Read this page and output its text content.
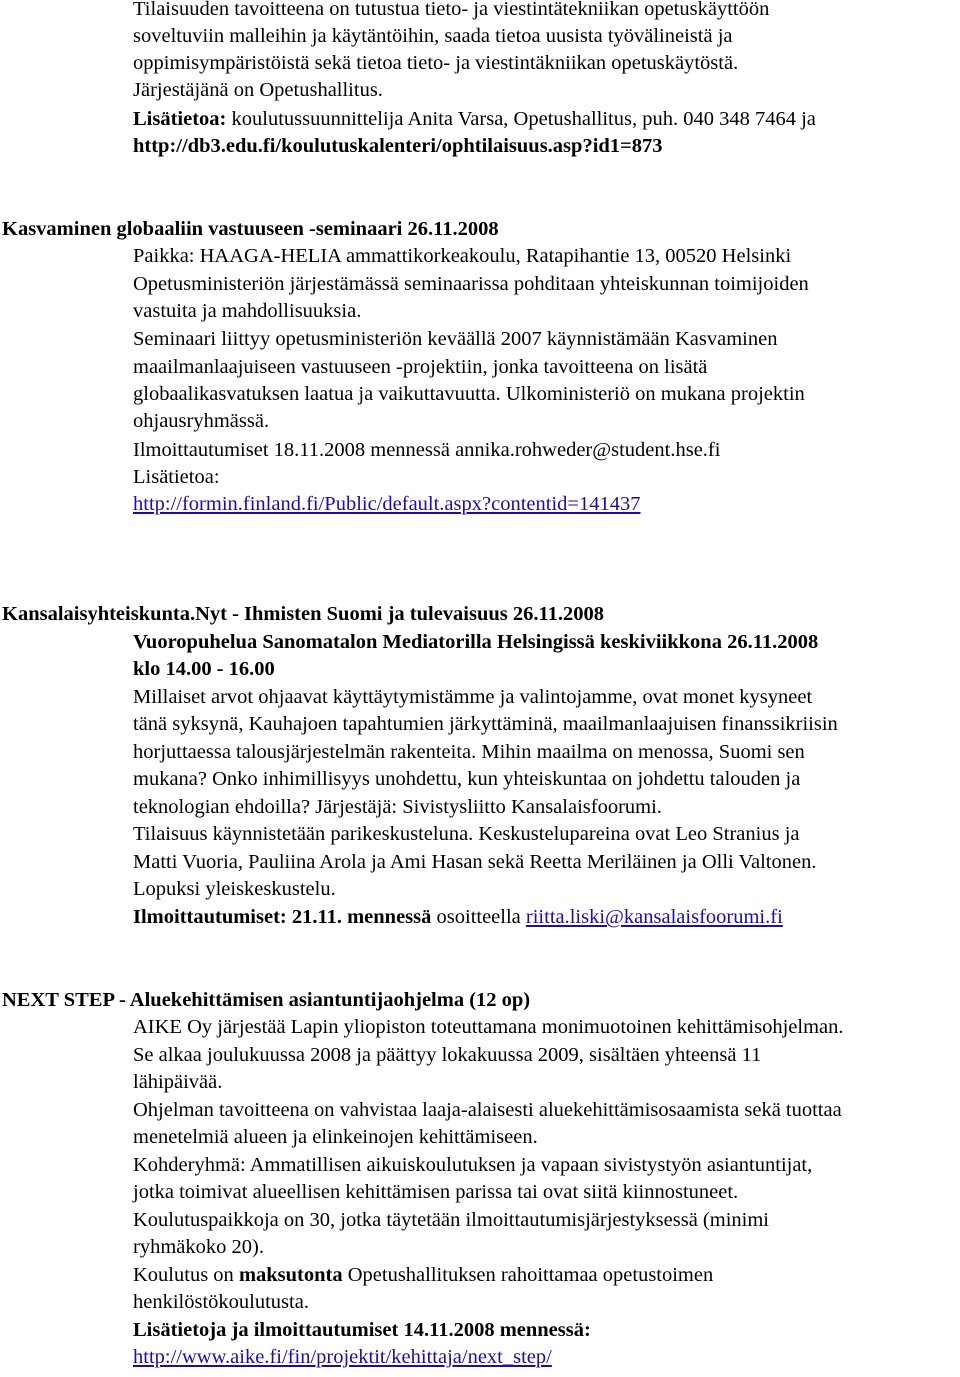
Tilaisuuden tavoitteena on tutustua tieto- ja viestintätekniikan opetuskäyttöön
soveltuviin malleihin ja käytäntöihin, saada tietoa uusista työvälineistä ja
oppimisympäristöistä sekä tietoa tieto- ja viestintäkniikan opetuskäytöstä.
Järjestäjänä on Opetushallitus.
Lisätietoa: koulutussuunnittelija Anita Varsa, Opetushallitus, puh. 040 348 7464 ja
http://db3.edu.fi/koulutuskalenteri/ophtilaisuus.asp?id1=873
Kasvaminen globaaliin vastuuseen -seminaari 26.11.2008
Paikka: HAAGA-HELIA ammattikorkeakoulu, Ratapihantie 13, 00520 Helsinki
Opetusministeriön järjestämässä seminaarissa pohditaan yhteiskunnan toimijoiden
vastuita ja mahdollisuuksia.
Seminaari liittyy opetusministeriön keväällä 2007 käynnistämään Kasvaminen
maailmanlaajuiseen vastuuseen -projektiin, jonka tavoitteena on lisätä
globaalikasvatuksen laatua ja vaikuttavuutta. Ulkoministeriö on mukana projektin
ohjausryhmässä.
Ilmoittautumiset 18.11.2008 mennessä annika.rohweder@student.hse.fi
Lisätietoa:
http://formin.finland.fi/Public/default.aspx?contentid=141437
Kansalaisyhteiskunta.Nyt - Ihmisten Suomi ja tulevaisuus 26.11.2008
Vuoropuhelua Sanomatalon Mediatorilla Helsingissä keskiviikkona 26.11.2008
klo 14.00 - 16.00
Millaiset arvot ohjaavat käyttäytymistämme ja valintojamme, ovat monet kysyneet
tänä syksynä, Kauhajoen tapahtumien järkyttäminä, maailmanlaajuisen finanssikriisin
horjuttaessa talousjärjestelmän rakenteita. Mihin maailma on menossa, Suomi sen
mukana? Onko inhimillisyys unohdettu, kun yhteiskuntaa on johdettu talouden ja
teknologian ehdoilla? Järjestäjä: Sivistysliitto Kansalaisfoorumi.
Tilaisuus käynnistetään parikeskusteluna. Keskustelupareina ovat Leo Stranius ja
Matti Vuoria, Pauliina Arola ja Ami Hasan sekä Reetta Meriläinen ja Olli Valtonen.
Lopuksi yleiskeskustelu.
Ilmoittautumiset: 21.11. mennessä osoitteella riitta.liski@kansalaisfoorumi.fi
NEXT STEP - Aluekehittämisen asiantuntijaohjelma (12 op)
AIKE Oy järjestää Lapin yliopiston toteuttamana monimuotoinen kehittämisohjelman.
Se alkaa joulukuussa 2008 ja päättyy lokakuussa 2009, sisältäen yhteensä 11
lähipäivää.
Ohjelman tavoitteena on vahvistaa laaja-alaisesti aluekehittämisosaamista sekä tuottaa
menetelmiä alueen ja elinkeinojen kehittämiseen.
Kohderyhmä: Ammatillisen aikuiskoulutuksen ja vapaan sivistystyön asiantuntijat,
jotka toimivat alueellisen kehittämisen parissa tai ovat siitä kiinnostuneet.
Koulutuspaikkoja on 30, jotka täytetään ilmoittautumisjärjestyksessä (minimi
ryhmäkoko 20).
Koulutus on maksutonta Opetushallituksen rahoittamaa opetustoimen
henkilöstökoulutusta.
Lisätietoja ja ilmoittautumiset 14.11.2008 mennessä:
http://www.aike.fi/fin/projektit/kehittaja/next_step/
